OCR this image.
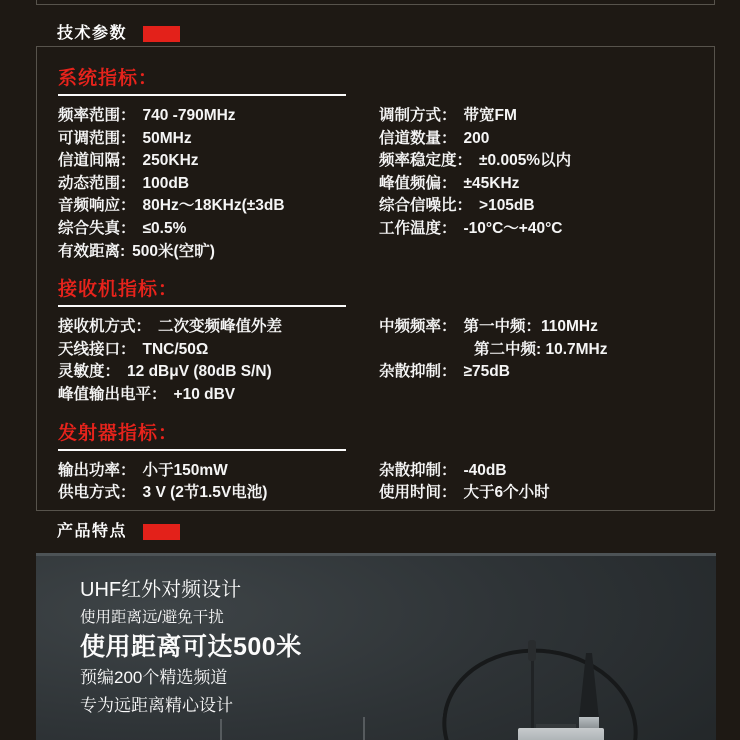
技术参数
系统指标：
频率范围： 740 -790MHz
可调范围： 50MHz
信道间隔： 250KHz
动态范围： 100dB
音频响应： 80Hz～18KHz(±3dB
综合失真： ≤0.5%
有效距离: 500米(空旷)
调制方式： 带宽FM
信道数量： 200
频率稳定度： ±0.005%以内
峰值频偏： ±45KHz
综合信噪比： >105dB
工作温度： -10°C～+40°C
接收机指标：
接收机方式： 二次变频峰值外差
天线接口： TNC/50Ω
灵敏度： 12 dBμV (80dB S/N)
峰值输出电平： +10 dBV
中频频率： 第一中频：110MHz
第二中频: 10.7MHz
杂散抑制： ≥75dB
发射器指标：
输出功率： 小于150mW
供电方式： 3 V (2节1.5V电池)
杂散抑制： -40dB
使用时间： 大于6个小时
产品特点

UHF红外对频设计

使用距离远/避免干扰

使用距离可达500米

预编200个精选频道

专为远距离精心设计
